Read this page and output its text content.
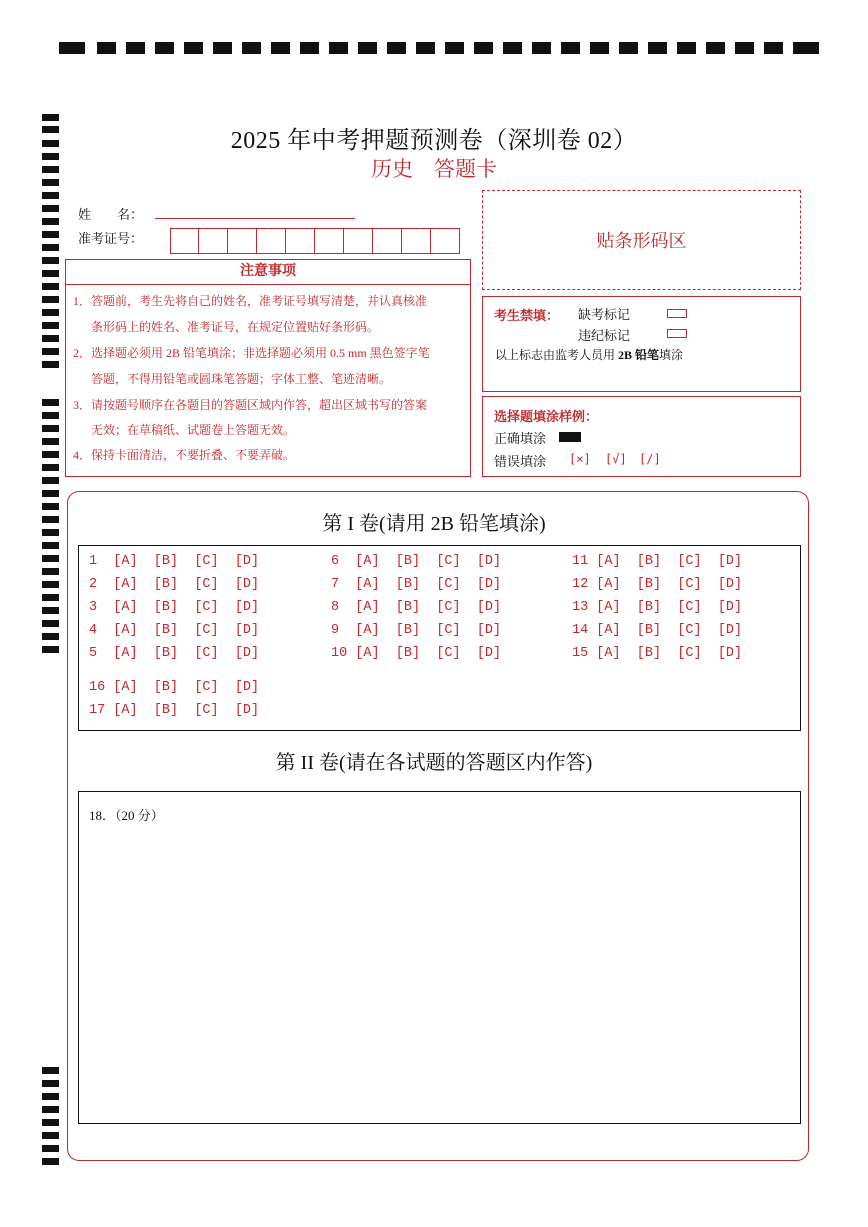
2025 年中考押题预测卷（深圳卷 02）
历史　答题卡
姓　　名：
准考证号：	贴条形码区
注意事项
1．答题前，考生先将自己的姓名，准考证号填写清楚，并认真核准
条形码上的姓名、准考证号，在规定位置贴好条形码。
2．选择题必须用 2B 铅笔填涂；非选择题必须用 0.5 mm 黑色签字笔
答题，不得用铅笔或圆珠笔答题；字体工整、笔迹清晰。
3．请按题号顺序在各题目的答题区域内作答，超出区域书写的答案
无效；在草稿纸、试题卷上答题无效。
4．保持卡面清洁，不要折叠、不要弄破。
考生禁填： 缺考标记
违纪标记
以上标志由监考人员用 2B 铅笔填涂
选择题填涂样例：
正确填涂
错误填涂 [×] [√] [/]
第 I 卷(请用 2B 铅笔填涂)
1  [A]  [B]  [C]  [D]
2  [A]  [B]  [C]  [D]
3  [A]  [B]  [C]  [D]
4  [A]  [B]  [C]  [D]
5  [A]  [B]  [C]  [D]
6  [A]  [B]  [C]  [D]
7  [A]  [B]  [C]  [D]
8  [A]  [B]  [C]  [D]
9  [A]  [B]  [C]  [D]
10 [A]  [B]  [C]  [D]
11 [A]  [B]  [C]  [D]
12 [A]  [B]  [C]  [D]
13 [A]  [B]  [C]  [D]
14 [A]  [B]  [C]  [D]
15 [A]  [B]  [C]  [D]
16 [A]  [B]  [C]  [D]
17 [A]  [B]  [C]  [D]
第 II 卷(请在各试题的答题区内作答)
18．（20 分）
